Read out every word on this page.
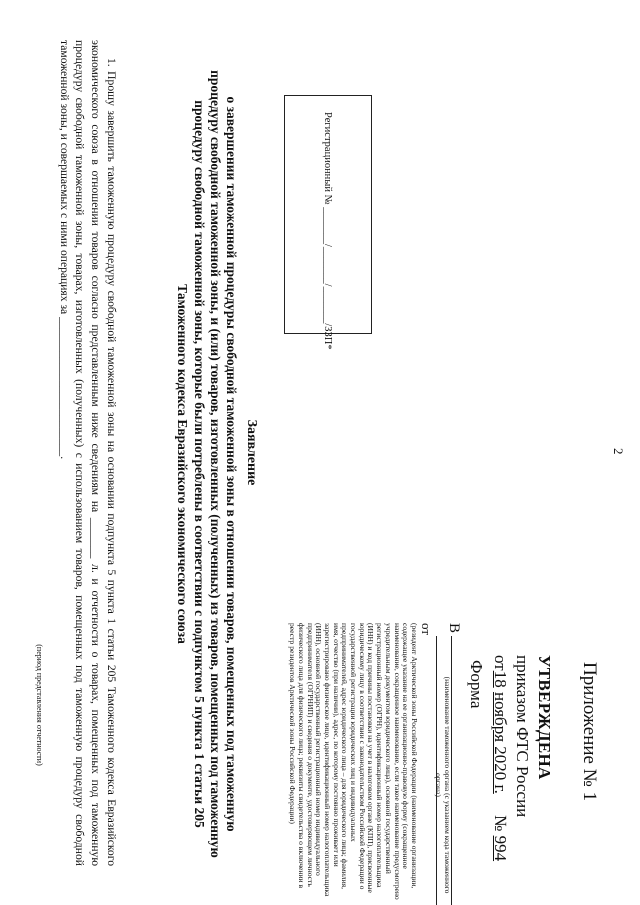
2
Приложение № 1
УТВЕРЖДЕНА
приказом ФТС России
от18 ноября 2020 г.     № 994
Форма
В
(наименование таможенного органа (с указанием кода таможенного органа)
от
(резидент Арктической зоны Российской Федерации (наименование организации, содержащее указание на ее организационно-правовую форму (сокращенное наименование, сокращенное наименование, если такое наименование предусмотрено учредительным документом юридического лица), основной государственный регистрационный номер (ОГРН), идентификационный номер налогоплательщика (ИНН) и код причины постановки на учет в налоговом органе (КПП), присвоенные юридическому лицу в соответствии с законодательством Российской Федерации о государственной регистрации юридических лиц и индивидуальных предпринимателей, адрес юридического лица – для юридического лица; фамилия, имя, отчество (при наличии), адрес, по которому постоянно проживает или зарегистрировано физическое лицо, идентификационный номер налогоплательщика (ИНН), основной государственный регистрационный номер индивидуального предпринимателя (ОГРНИП) и сведения о документе, удостоверяющем личность физического лица для физического лица; реквизиты свидетельства о включении в реестр резидентов Арктической зоны Российской Федерации)
Регистрационный № _______/_______/_______/ЗЗП*
Заявление
о завершении таможенной процедуры свободной таможенной зоны в отношении товаров, помещенных под таможенную процедуру свободной таможенной зоны, и (или) товаров, изготовленных (полученных) из товаров, помещенных под таможенную процедуру свободной таможенной зоны, которые были потреблены в соответствии с подпунктом 5 пункта 1 статьи 205 Таможенного кодекса Евразийского экономического союза
1. Прошу завершить таможенную процедуру свободной таможенной зоны на основании подпункта 5 пункта 1 статьи 205 Таможенного кодекса Евразийского экономического союза в отношении товаров согласно представленным ниже сведениям на _______ л. и отчетности о товарах, помещенных под таможенную процедуру свободной таможенной зоны, товарах, изготовленных (полученных) с использованием товаров, помещенных под таможенную процедуру свободной таможенной зоны, и совершаемых с ними операциях за ________________________.
(период представления отчетности)
